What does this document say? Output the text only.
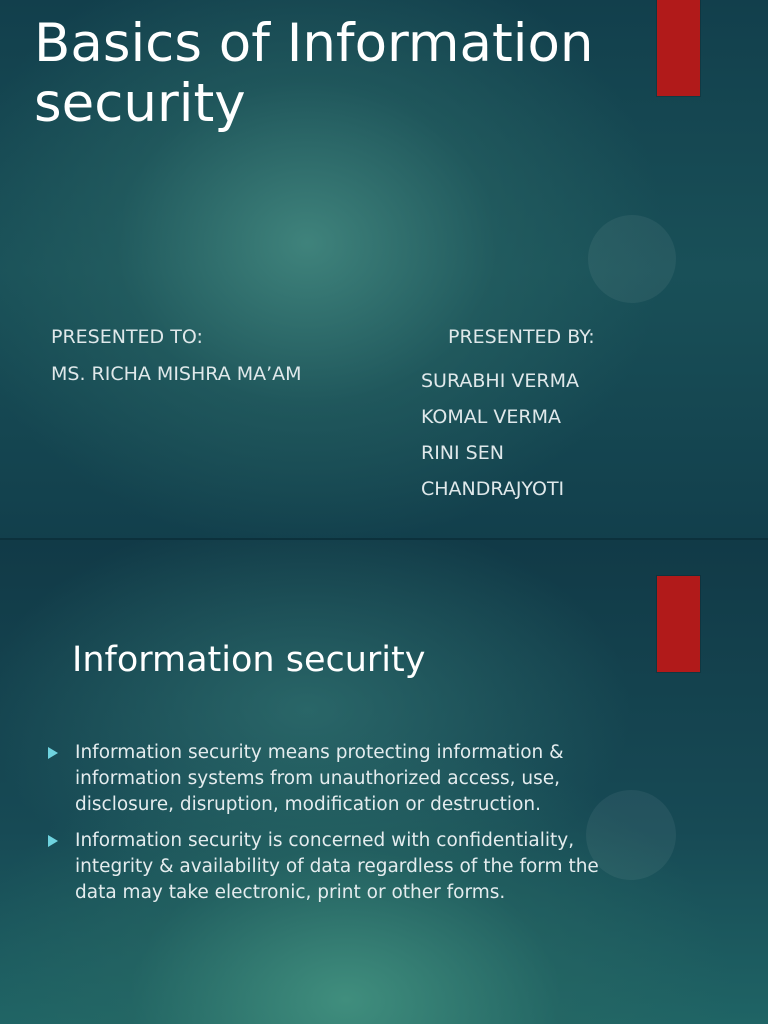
Basics of Information security
PRESENTED TO:
MS. RICHA MISHRA MA’AM
PRESENTED BY:
SURABHI VERMA
KOMAL VERMA
RINI SEN
CHANDRAJYOTI
Information security
Information security means protecting information & information systems from unauthorized access, use, disclosure, disruption, modification or destruction.
Information security is concerned with confidentiality, integrity & availability of data regardless of the form the data may take electronic, print or other forms.
